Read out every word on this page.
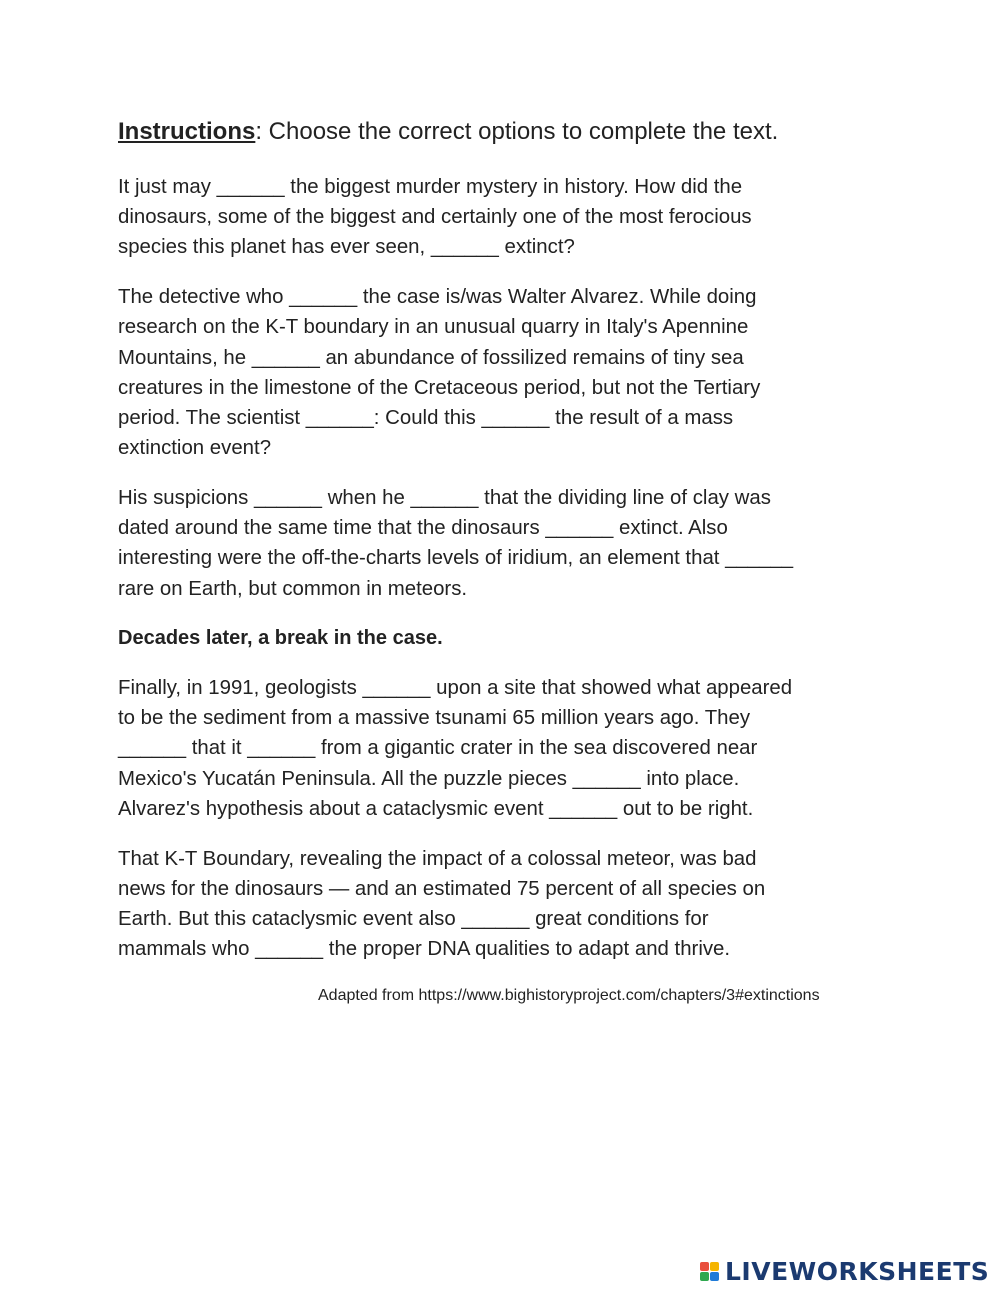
Instructions: Choose the correct options to complete the text.
It just may ______ the biggest murder mystery in history. How did the
dinosaurs, some of the biggest and certainly one of the most ferocious
species this planet has ever seen, ______ extinct?
The detective who ______ the case is/was Walter Alvarez. While doing
research on the K-T boundary in an unusual quarry in Italy's Apennine
Mountains, he ______ an abundance of fossilized remains of tiny sea
creatures in the limestone of the Cretaceous period, but not the Tertiary
period. The scientist ______: Could this ______ the result of a mass
extinction event?
His suspicions ______ when he ______ that the dividing line of clay was
dated around the same time that the dinosaurs ______ extinct. Also
interesting were the off-the-charts levels of iridium, an element that ______
rare on Earth, but common in meteors.
Decades later, a break in the case.
Finally, in 1991, geologists ______ upon a site that showed what appeared
to be the sediment from a massive tsunami 65 million years ago. They
______ that it ______ from a gigantic crater in the sea discovered near
Mexico's Yucatán Peninsula. All the puzzle pieces ______ into place.
Alvarez's hypothesis about a cataclysmic event ______ out to be right.
That K-T Boundary, revealing the impact of a colossal meteor, was bad
news for the dinosaurs — and an estimated 75 percent of all species on
Earth. But this cataclysmic event also ______ great conditions for
mammals who ______ the proper DNA qualities to adapt and thrive.
Adapted from https://www.bighistoryproject.com/chapters/3#extinctions
LIVEWORKSHEETS
